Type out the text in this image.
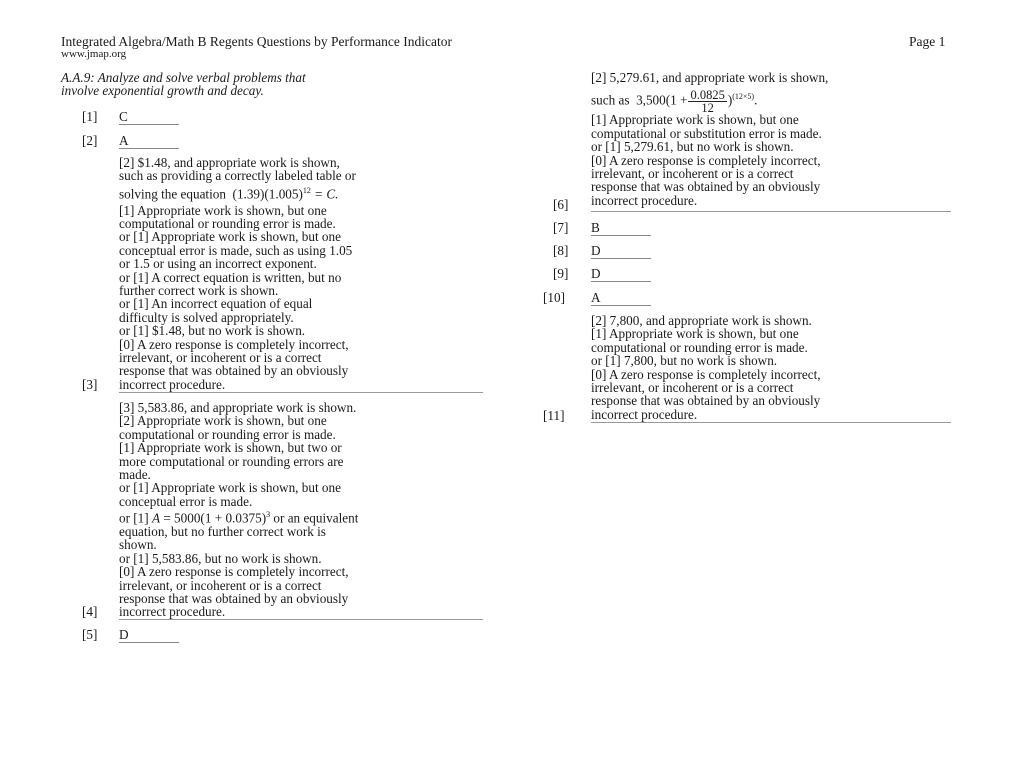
Integrated Algebra/Math B Regents Questions by Performance Indicator
www.jmap.org
Page 1
A.A.9: Analyze and solve verbal problems that
involve exponential growth and decay.
[1] C
[2] A
[2] $1.48, and appropriate work is shown,
such as providing a correctly labeled table or
solving the equation $(1.39)(1.005)^{12} = C$.
[1] Appropriate work is shown, but one
computational or rounding error is made.
or [1] Appropriate work is shown, but one
conceptual error is made, such as using 1.05
or 1.5 or using an incorrect exponent.
or [1] A correct equation is written, but no
further correct work is shown.
or [1] An incorrect equation of equal
difficulty is solved appropriately.
or [1] $1.48, but no work is shown.
[0] A zero response is completely incorrect,
irrelevant, or incoherent or is a correct
response that was obtained by an obviously
incorrect procedure.
[3]
[3] 5,583.86, and appropriate work is shown.
[2] Appropriate work is shown, but one
computational or rounding error is made.
[1] Appropriate work is shown, but two or
more computational or rounding errors are
made.
or [1] Appropriate work is shown, but one
conceptual error is made.
or [1] $A = 5000(1 + 0.0375)^3$ or an equivalent
equation, but no further correct work is
shown.
or [1] 5,583.86, but no work is shown.
[0] A zero response is completely incorrect,
irrelevant, or incoherent or is a correct
response that was obtained by an obviously
incorrect procedure.
[4]
[5] D
[2] 5,279.61, and appropriate work is shown,
such as $3,500(1 + \frac{0.0825}{12} )^{(12\times 5)}$.
[1] Appropriate work is shown, but one
computational or substitution error is made.
or [1] 5,279.61, but no work is shown.
[0] A zero response is completely incorrect,
irrelevant, or incoherent or is a correct
response that was obtained by an obviously
incorrect procedure.
[6]
[7] B
[8] D
[9] D
[10] A
[2] 7,800, and appropriate work is shown.
[1] Appropriate work is shown, but one
computational or rounding error is made.
or [1] 7,800, but no work is shown.
[0] A zero response is completely incorrect,
irrelevant, or incoherent or is a correct
response that was obtained by an obviously
incorrect procedure.
[11]
